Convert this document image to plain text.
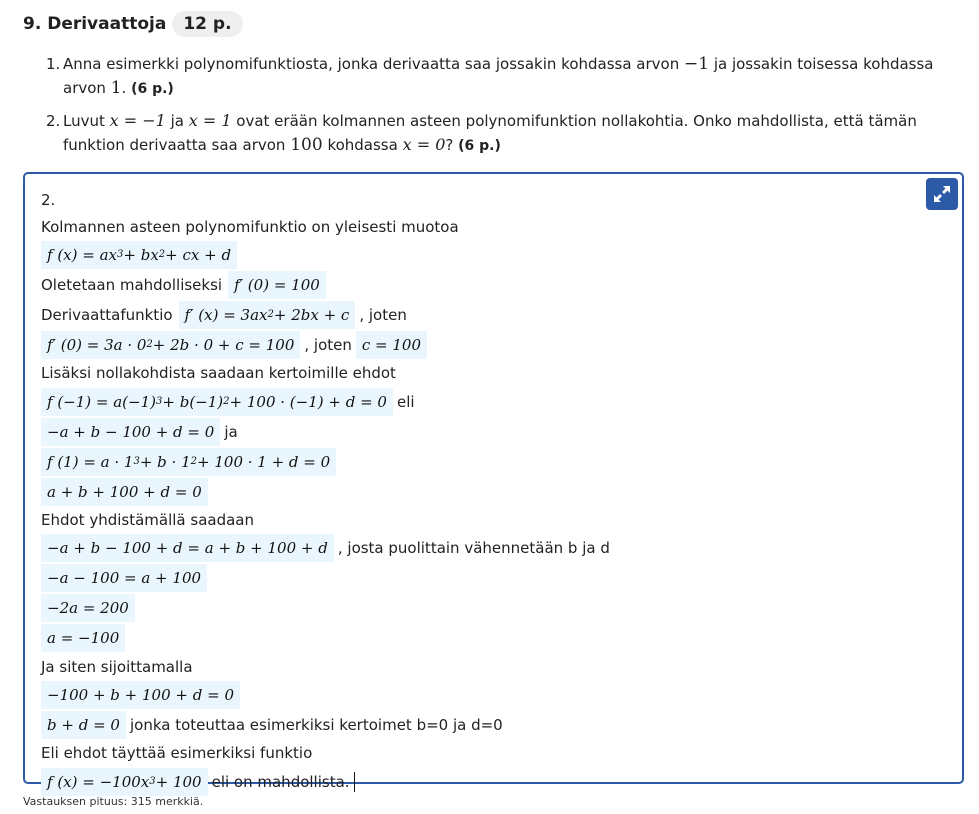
9. Derivaattoja	12 p.
1. Anna esimerkki polynomifunktiosta, jonka derivaatta saa jossakin kohdassa arvon −1 ja jossakin toisessa kohdassa arvon 1. (6 p.)
2. Luvut x = −1 ja x = 1 ovat erään kolmannen asteen polynomifunktion nollakohtia. Onko mahdollista, että tämän funktion derivaatta saa arvon 100 kohdassa x = 0? (6 p.)
2.
Kolmannen asteen polynomifunktio on yleisesti muotoa
f (x) = ax 3 + bx 2 + cx + d
Oletetaan mahdolliseksi f′ (0) = 100
Derivaattafunktio f′ (x) = 3ax 2 + 2bx + c , joten
f′ (0) = 3a · 0 2 + 2b · 0 + c = 100 , joten c = 100
Lisäksi nollakohdista saadaan kertoimille ehdot
f (−1) = a(−1) 3 + b(−1) 2 + 100 · (−1) + d = 0 eli
−a + b − 100 + d = 0 ja
f (1) = a · 1 3 + b · 1 2 + 100 · 1 + d = 0
a + b + 100 + d = 0
Ehdot yhdistämällä saadaan
−a + b − 100 + d = a + b + 100 + d , josta puolittain vähennetään b ja d
−a − 100 = a + 100
−2a = 200
a = −100
Ja siten sijoittamalla
−100 + b + 100 + d = 0
b + d = 0 jonka toteuttaa esimerkiksi kertoimet b=0 ja d=0
Eli ehdot täyttää esimerkiksi funktio
f (x) = −100x 3 + 100 eli on mahdollista.
Vastauksen pituus: 315 merkkiä.
